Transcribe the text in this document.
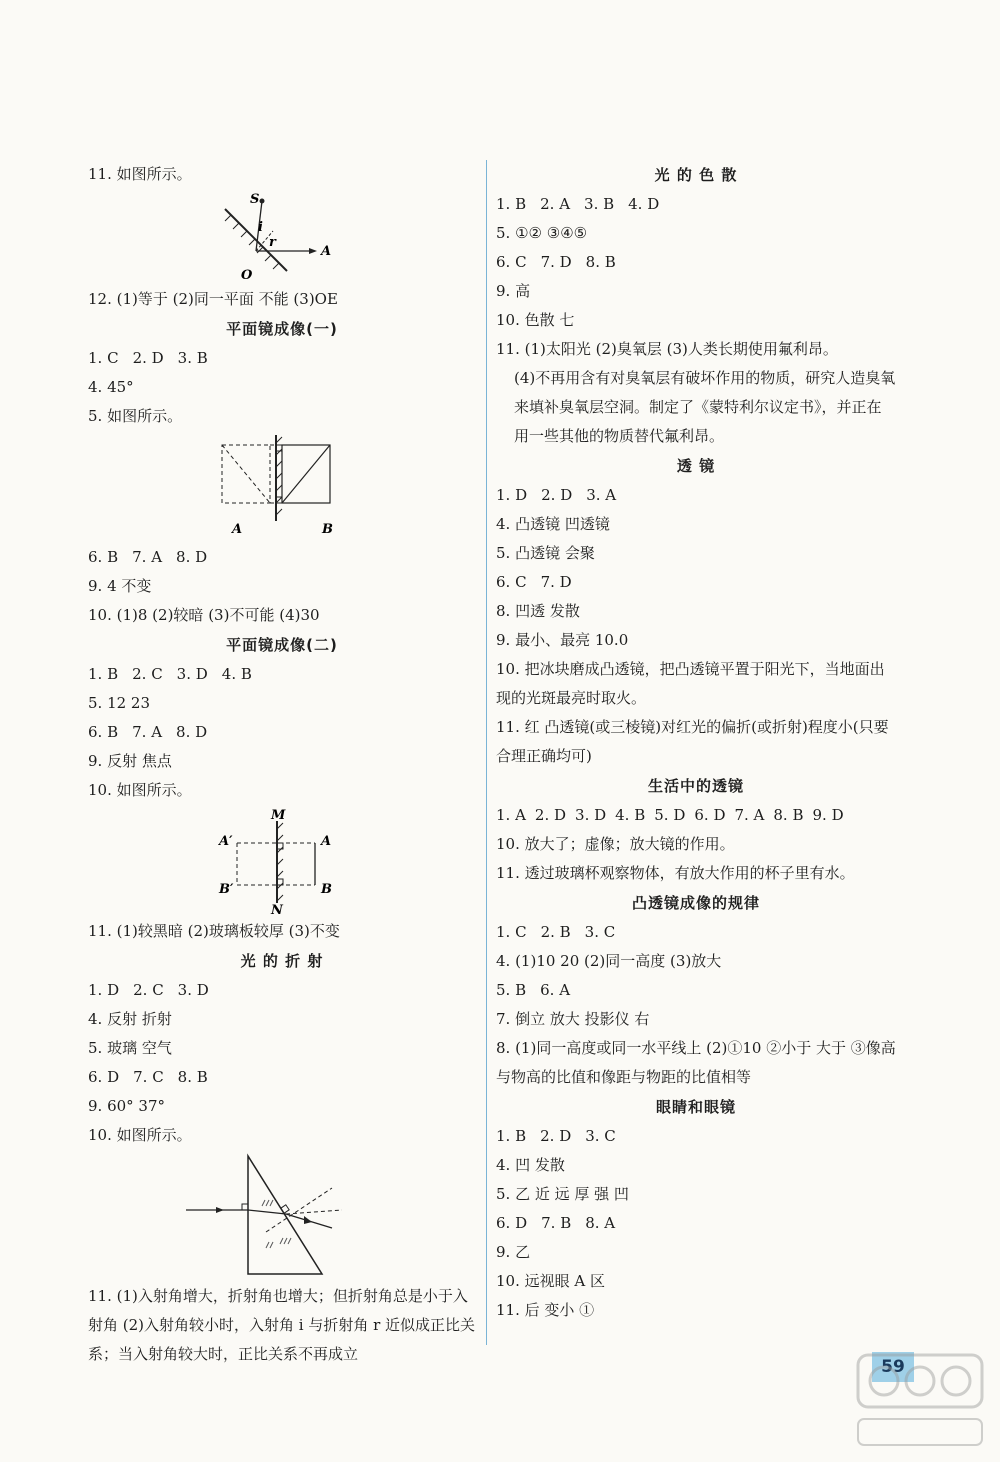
11. 如图所示。
S
i
r
O
A
12. (1)等于 (2)同一平面 不能 (3)OE
平面镜成像(一)
1. C 2. D 3. B
4. 45°
5. 如图所示。
A	B
6. B 7. A 8. D
9. 4 不变
10. (1)8 (2)较暗 (3)不可能 (4)30
平面镜成像(二)
1. B 2. C 3. D 4. B
5. 12 23
6. B 7. A 8. D
9. 反射 焦点
10. 如图所示。
M
N
A′	A
B′	B
11. (1)较黑暗 (2)玻璃板较厚 (3)不变
光 的 折 射
1. D 2. C 3. D
4. 反射 折射
5. 玻璃 空气
6. D 7. C 8. B
9. 60° 37°
10. 如图所示。
11. (1)入射角增大，折射角也增大；但折射角总是小于入射角 (2)入射角较小时，入射角 i 与折射角 r 近似成正比关系；当入射角较大时，正比关系不再成立
光 的 色 散
1. B 2. A 3. B 4. D
5. ①② ③④⑤
6. C 7. D 8. B
9. 高
10. 色散 七
11. (1)太阳光 (2)臭氧层 (3)人类长期使用氟利昂。
(4)不再用含有对臭氧层有破坏作用的物质，研究人造臭氧来填补臭氧层空洞。制定了《蒙特利尔议定书》，并正在用一些其他的物质替代氟利昂。
透 镜
1. D 2. D 3. A
4. 凸透镜 凹透镜
5. 凸透镜 会聚
6. C 7. D
8. 凹透 发散
9. 最小、最亮 10.0
10. 把冰块磨成凸透镜，把凸透镜平置于阳光下，当地面出现的光斑最亮时取火。
11. 红 凸透镜(或三棱镜)对红光的偏折(或折射)程度小(只要合理正确均可)
生活中的透镜
1. A 2. D 3. D 4. B 5. D 6. D 7. A 8. B 9. D
10. 放大了；虚像；放大镜的作用。
11. 透过玻璃杯观察物体，有放大作用的杯子里有水。
凸透镜成像的规律
1. C 2. B 3. C
4. (1)10 20 (2)同一高度 (3)放大
5. B 6. A
7. 倒立 放大 投影仪 右
8. (1)同一高度或同一水平线上 (2)①10 ②小于 大于 ③像高与物高的比值和像距与物距的比值相等
眼睛和眼镜
1. B 2. D 3. C
4. 凹 发散
5. 乙 近 远 厚 强 凹
6. D 7. B 8. A
9. 乙
10. 远视眼 A 区
11. 后 变小 ①
59
